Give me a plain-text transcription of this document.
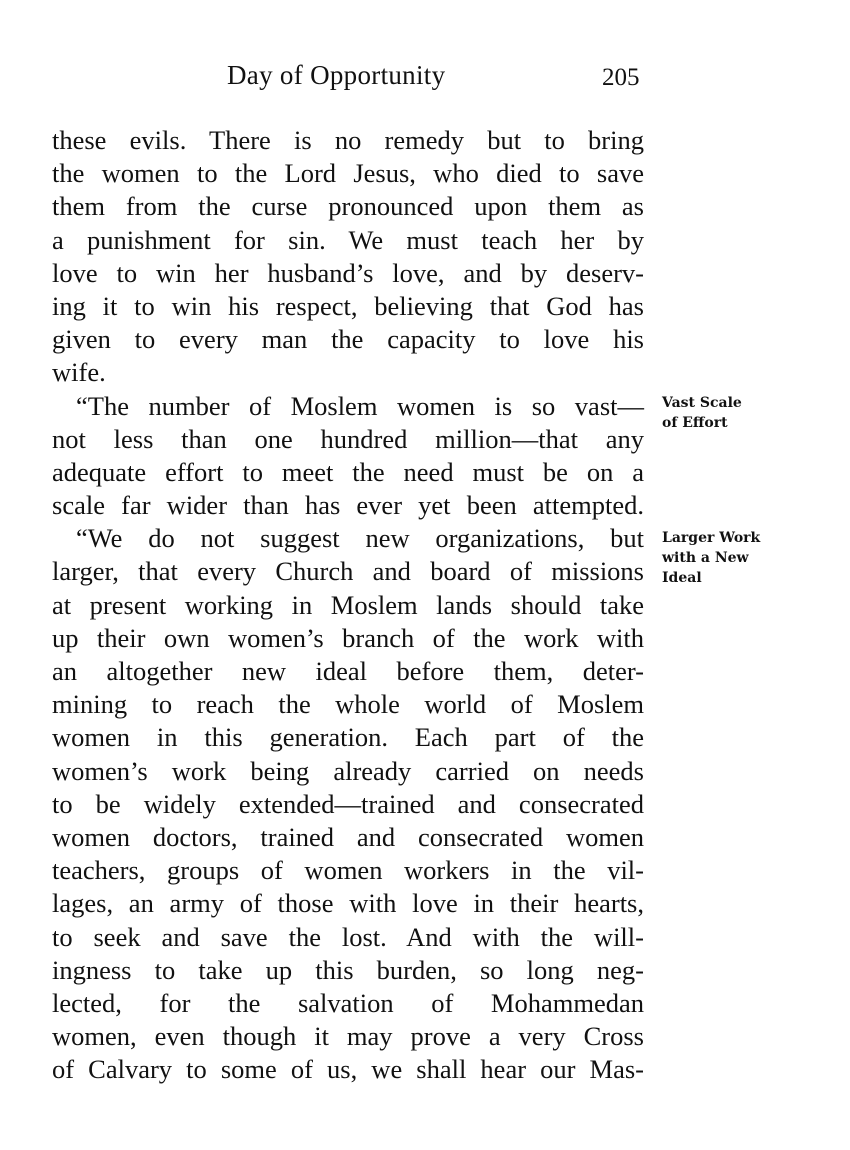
Day of Opportunity	205
these evils. There is no remedy but to bring
the women to the Lord Jesus, who died to save
them from the curse pronounced upon them as
a punishment for sin. We must teach her by
love to win her husband’s love, and by deserv-
ing it to win his respect, believing that God has
given to every man the capacity to love his
wife.
“The number of Moslem women is so vast—
not less than one hundred million—that any
adequate effort to meet the need must be on a
scale far wider than has ever yet been attempted.
“We do not suggest new organizations, but
larger, that every Church and board of missions
at present working in Moslem lands should take
up their own women’s branch of the work with
an altogether new ideal before them, deter-
mining to reach the whole world of Moslem
women in this generation. Each part of the
women’s work being already carried on needs
to be widely extended—trained and consecrated
women doctors, trained and consecrated women
teachers, groups of women workers in the vil-
lages, an army of those with love in their hearts,
to seek and save the lost. And with the will-
ingness to take up this burden, so long neg-
lected, for the salvation of Mohammedan
women, even though it may prove a very Cross
of Calvary to some of us, we shall hear our Mas-
Vast Scale
of Effort
Larger Work
with a New
Ideal
